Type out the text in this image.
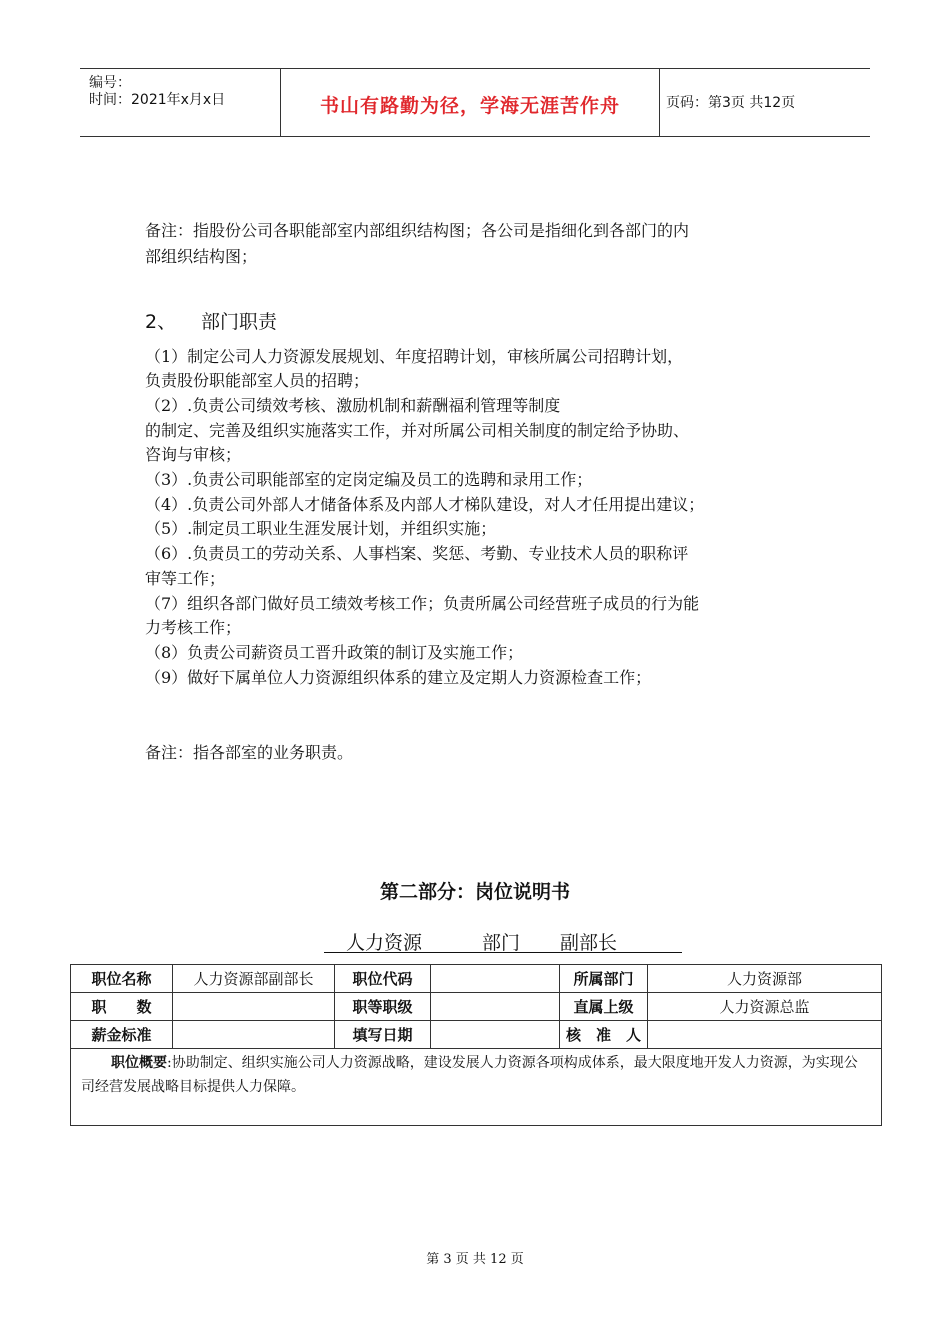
编号：
时间：2021年x月x日	书山有路勤为径，学海无涯苦作舟	页码：第3页 共12页
备注：指股份公司各职能部室内部组织结构图；各公司是指细化到各部门的内
部组织结构图；
2、 部门职责
（1）制定公司人力资源发展规划、年度招聘计划，审核所属公司招聘计划，
负责股份职能部室人员的招聘；
（2）.负责公司绩效考核、激励机制和薪酬福利管理等制度
的制定、完善及组织实施落实工作，并对所属公司相关制度的制定给予协助、
咨询与审核；
（3）.负责公司职能部室的定岗定编及员工的选聘和录用工作；
（4）.负责公司外部人才储备体系及内部人才梯队建设，对人才任用提出建议；
（5）.制定员工职业生涯发展计划，并组织实施；
（6）.负责员工的劳动关系、人事档案、奖惩、考勤、专业技术人员的职称评
审等工作；
（7）组织各部门做好员工绩效考核工作；负责所属公司经营班子成员的行为能
力考核工作；
（8）负责公司薪资员工晋升政策的制订及实施工作；
（9）做好下属单位人力资源组织体系的建立及定期人力资源检查工作；
备注：指各部室的业务职责。
第二部分：岗位说明书
人力资源	部门 副部长
职位名称	人力资源部副部长	职位代码		所属部门	人力资源部
职　　数		职等职级		直属上级	人力资源总监
薪金标准		填写日期		核　准　人	
职位概要:协助制定、组织实施公司人力资源战略，建设发展人力资源各项构成体系，最大限度地开发人力资源，为实现公司经营发展战略目标提供人力保障。					
第 3 页 共 12 页
